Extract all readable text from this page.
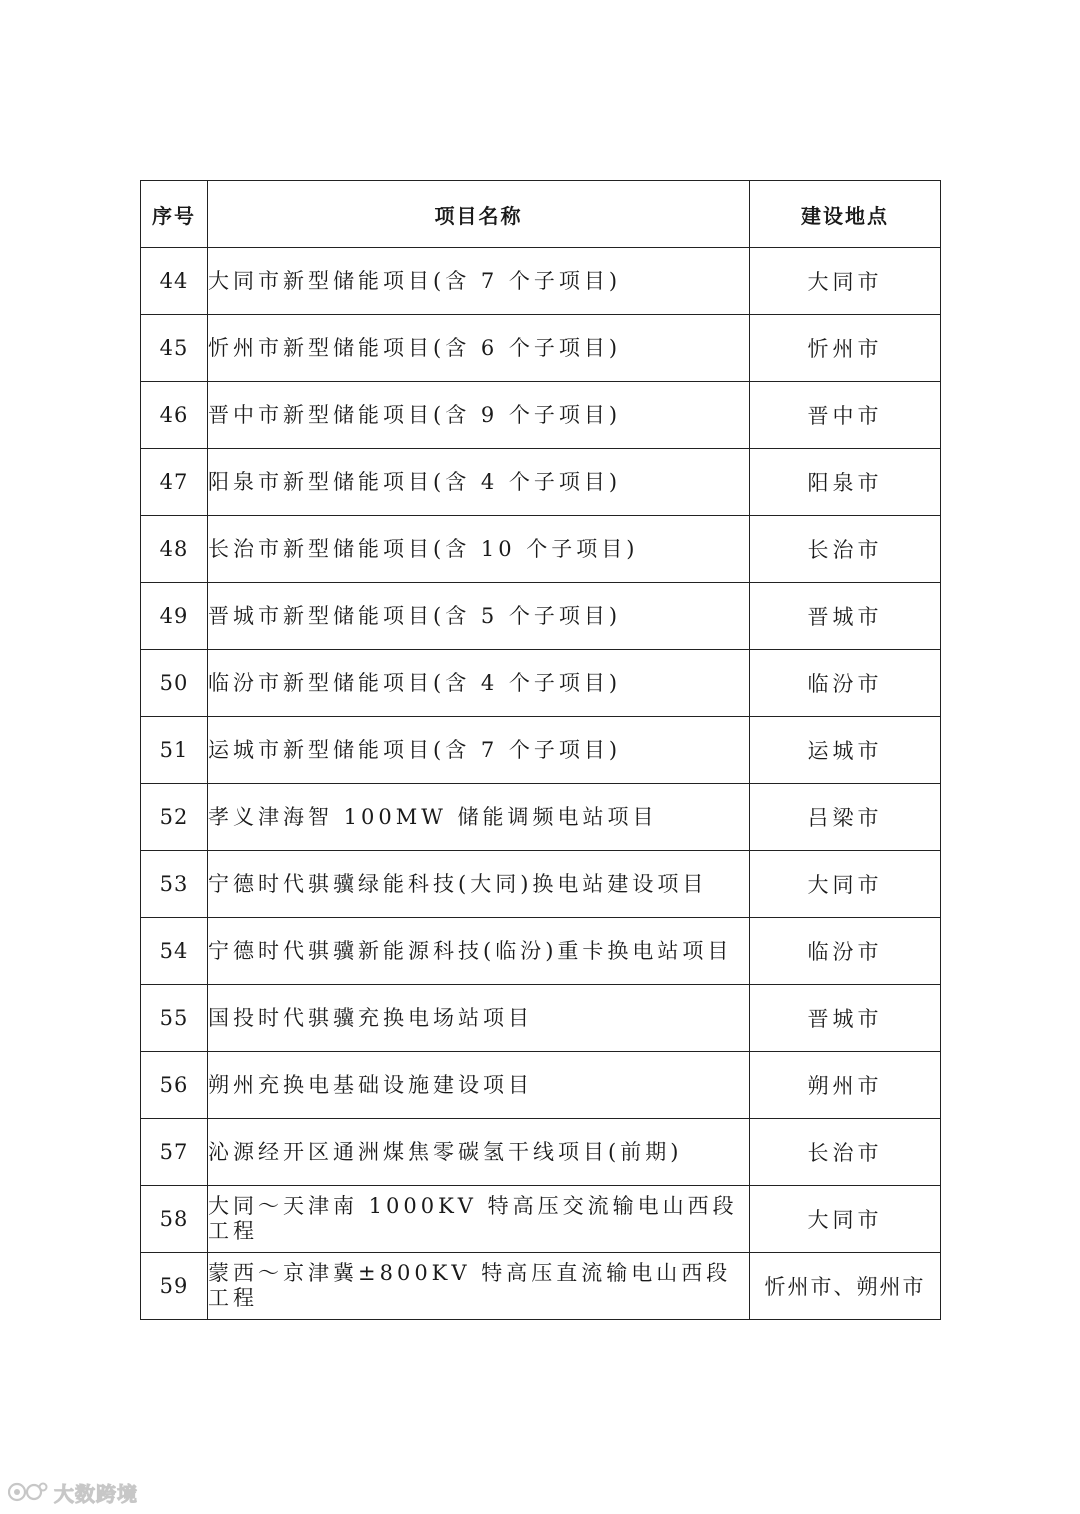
序号	项目名称	建设地点
44	大同市新型储能项目(含 7 个子项目)	大同市
45	忻州市新型储能项目(含 6 个子项目)	忻州市
46	晋中市新型储能项目(含 9 个子项目)	晋中市
47	阳泉市新型储能项目(含 4 个子项目)	阳泉市
48	长治市新型储能项目(含 10 个子项目)	长治市
49	晋城市新型储能项目(含 5 个子项目)	晋城市
50	临汾市新型储能项目(含 4 个子项目)	临汾市
51	运城市新型储能项目(含 7 个子项目)	运城市
52	孝义津海智 100MW 储能调频电站项目	吕梁市
53	宁德时代骐骥绿能科技(大同)换电站建设项目	大同市
54	宁德时代骐骥新能源科技(临汾)重卡换电站项目	临汾市
55	国投时代骐骥充换电场站项目	晋城市
56	朔州充换电基础设施建设项目	朔州市
57	沁源经开区通洲煤焦零碳氢干线项目(前期)	长治市
58	大同～天津南 1000KV 特高压交流输电山西段工程	大同市
59	蒙西～京津冀±800KV 特高压直流输电山西段工程	忻州市、朔州市
大数跨境
